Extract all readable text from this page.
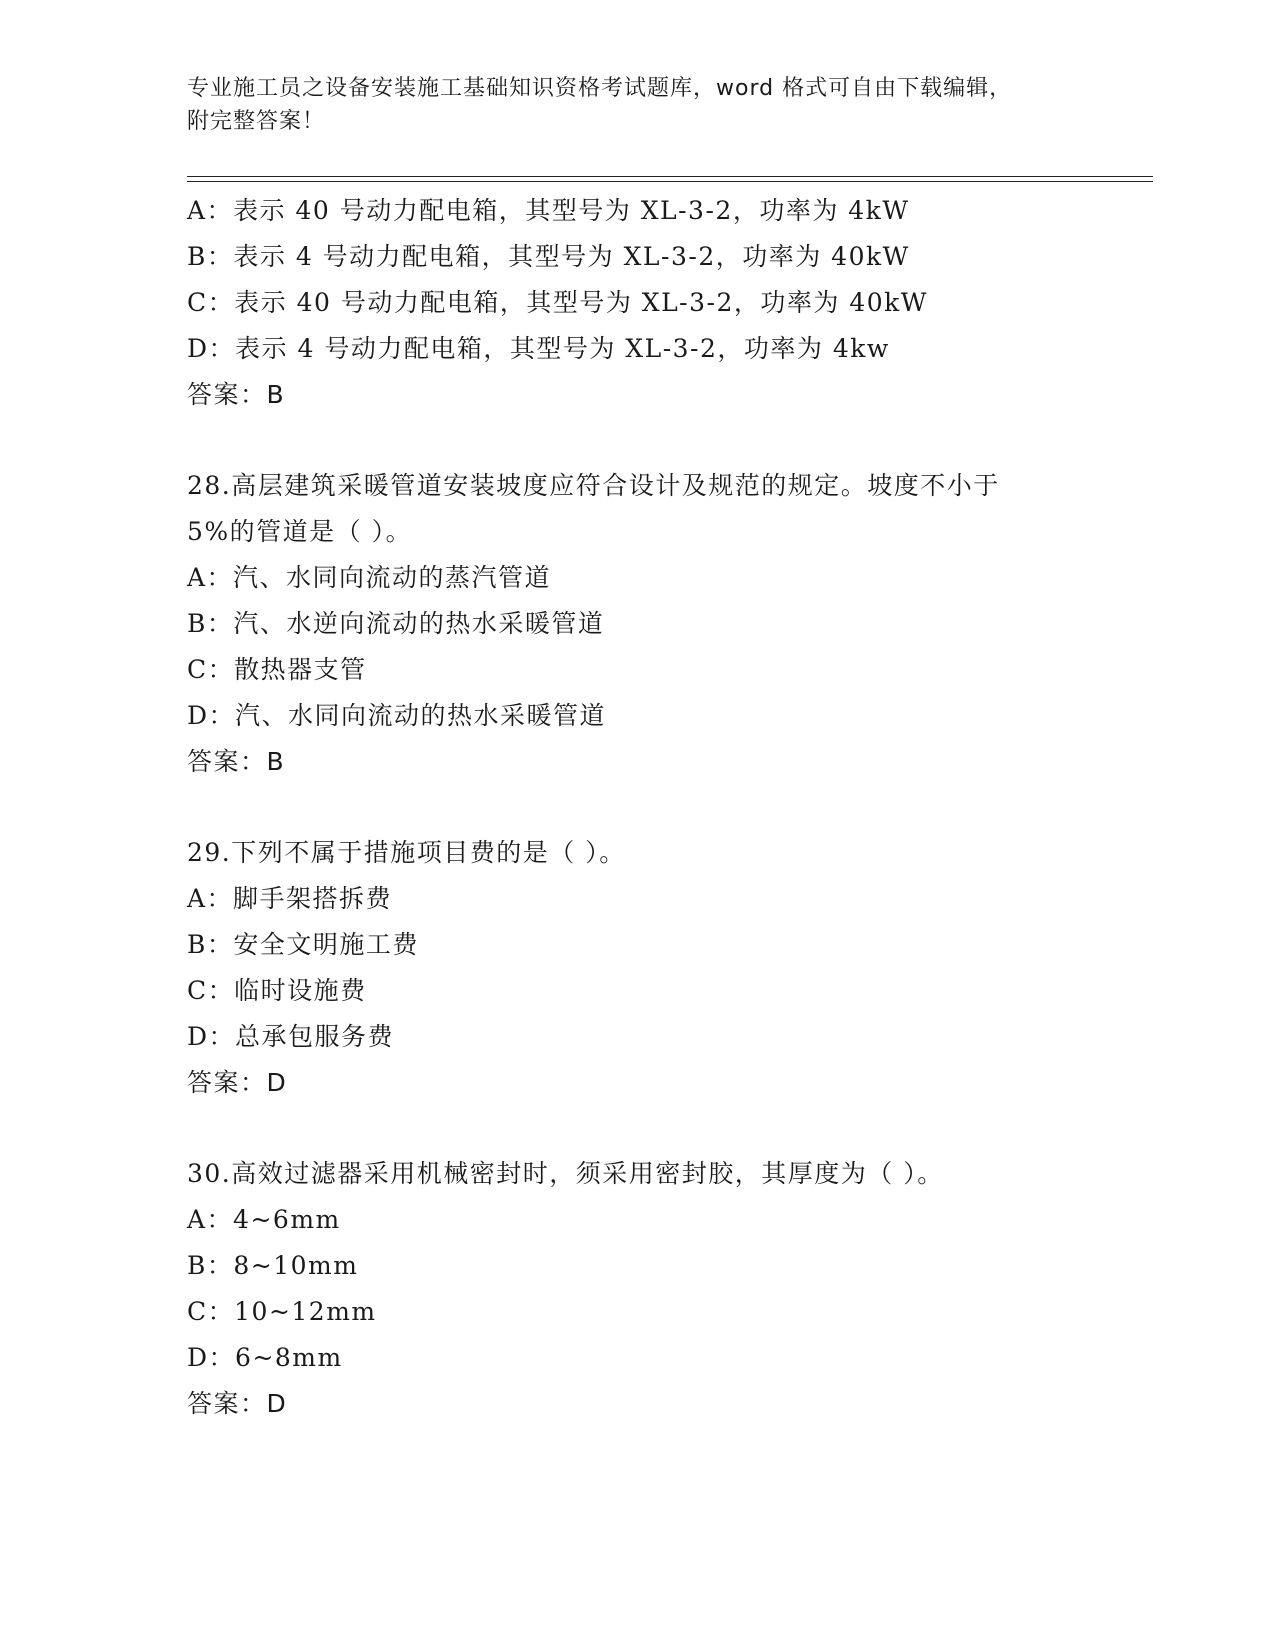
专业施工员之设备安装施工基础知识资格考试题库，word 格式可自由下载编辑，
附完整答案！
A：表示 40 号动力配电箱，其型号为 XL-3-2，功率为 4kW
B：表示 4 号动力配电箱，其型号为 XL-3-2，功率为 40kW
C：表示 40 号动力配电箱，其型号为 XL-3-2，功率为 40kW
D：表示 4 号动力配电箱，其型号为 XL-3-2，功率为 4kw
答案：B
28.高层建筑采暖管道安装坡度应符合设计及规范的规定。坡度不小于
5%的管道是（ ）。
A：汽、水同向流动的蒸汽管道
B：汽、水逆向流动的热水采暖管道
C：散热器支管
D：汽、水同向流动的热水采暖管道
答案：B
29.下列不属于措施项目费的是（ ）。
A：脚手架搭拆费
B：安全文明施工费
C：临时设施费
D：总承包服务费
答案：D
30.高效过滤器采用机械密封时，须采用密封胶，其厚度为（ ）。
A：4~6mm
B：8~10mm
C：10~12mm
D：6~8mm
答案：D
